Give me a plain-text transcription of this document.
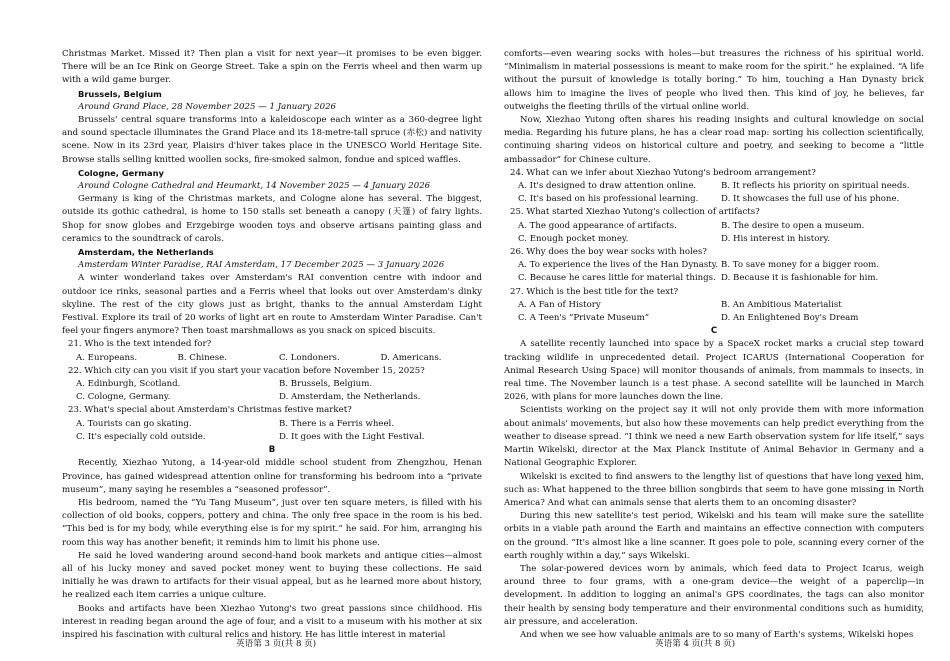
Christmas Market. Missed it? Then plan a visit for next year—it promises to be even bigger. There will be an Ice Rink on George Street. Take a spin on the Ferris wheel and then warm up with a wild game burger.

Brussels, Belgium

Around Grand Place, 28 November 2025 — 1 January 2026

Brussels' central square transforms into a kaleidoscope each winter as a 360-degree light and sound spectacle illuminates the Grand Place and its 18-metre-tall spruce (赤松) and nativity scene. Now in its 23rd year, Plaisirs d'hiver takes place in the UNESCO World Heritage Site. Browse stalls selling knitted woollen socks, fire-smoked salmon, fondue and spiced waffles.

Cologne, Germany

Around Cologne Cathedral and Heumarkt, 14 November 2025 — 4 January 2026

Germany is king of the Christmas markets, and Cologne alone has several. The biggest, outside its gothic cathedral, is home to 150 stalls set beneath a canopy (天篷) of fairy lights. Shop for snow globes and Erzgebirge wooden toys and observe artisans painting glass and ceramics to the soundtrack of carols.

Amsterdam, the Netherlands

Amsterdam Winter Paradise, RAI Amsterdam, 17 December 2025 — 3 January 2026

A winter wonderland takes over Amsterdam's RAI convention centre with indoor and outdoor ice rinks, seasonal parties and a Ferris wheel that looks out over Amsterdam's dinky skyline. The rest of the city glows just as bright, thanks to the annual Amsterdam Light Festival. Explore its trail of 20 works of light art en route to Amsterdam Winter Paradise. Can't feel your fingers anymore? Then toast marshmallows as you snack on spiced biscuits.

21. Who is the text intended for?

A. Europeans.	B. Chinese.	C. Londoners.	D. Americans.

22. Which city can you visit if you start your vacation before November 15, 2025?

A. Edinburgh, Scotland.	B. Brussels, Belgium.
C. Cologne, Germany.	D. Amsterdam, the Netherlands.

23. What's special about Amsterdam's Christmas festive market?

A. Tourists can go skating.	B. There is a Ferris wheel.
C. It's especially cold outside.	D. It goes with the Light Festival.

B

Recently, Xiezhao Yutong, a 14-year-old middle school student from Zhengzhou, Henan Province, has gained widespread attention online for transforming his bedroom into a “private museum”, many saying he resembles a “seasoned professor”.

His bedroom, named the “Yu Tang Museum”, just over ten square meters, is filled with his collection of old books, coppers, pottery and china. The only free space in the room is his bed. “This bed is for my body, while everything else is for my spirit.” he said. For him, arranging his room this way has another benefit; it reminds him to limit his phone use.

He said he loved wandering around second-hand book markets and antique cities—almost all of his lucky money and saved pocket money went to buying these collections. He said initially he was drawn to artifacts for their visual appeal, but as he learned more about history, he realized each item carries a unique culture.

Books and artifacts have been Xiezhao Yutong's two great passions since childhood. His interest in reading began around the age of four, and a visit to a museum with his mother at six inspired his fascination with cultural relics and history. He has little interest in material

comforts—even wearing socks with holes—but treasures the richness of his spiritual world. “Minimalism in material possessions is meant to make room for the spirit.” he explained. “A life without the pursuit of knowledge is totally boring.” To him, touching a Han Dynasty brick allows him to imagine the lives of people who lived then. This kind of joy, he believes, far outweighs the fleeting thrills of the virtual online world.

Now, Xiezhao Yutong often shares his reading insights and cultural knowledge on social media. Regarding his future plans, he has a clear road map: sorting his collection scientifically, continuing sharing videos on historical culture and poetry, and seeking to become a “little ambassador” for Chinese culture.

24. What can we infer about Xiezhao Yutong's bedroom arrangement?

A. It's designed to draw attention online.	B. It reflects his priority on spiritual needs.
C. It's based on his professional learning.	D. It showcases the full use of his phone.

25. What started Xiezhao Yutong's collection of artifacts?

A. The good appearance of artifacts.	B. The desire to open a museum.
C. Enough pocket money.	D. His interest in history.

26. Why does the boy wear socks with holes?

A. To experience the lives of the Han Dynasty. B. To save money for a bigger room.
C. Because he cares little for material things. D. Because it is fashionable for him.

27. Which is the best title for the text?

A. A Fan of History	B. An Ambitious Materialist
C. A Teen's “Private Museum”	D. An Enlightened Boy's Dream

C

A satellite recently launched into space by a SpaceX rocket marks a crucial step toward tracking wildlife in unprecedented detail. Project ICARUS (International Cooperation for Animal Research Using Space) will monitor thousands of animals, from mammals to insects, in real time. The November launch is a test phase. A second satellite will be launched in March 2026, with plans for more launches down the line.

Scientists working on the project say it will not only provide them with more information about animals' movements, but also how these movements can help predict everything from the weather to disease spread. “I think we need a new Earth observation system for life itself,” says Martin Wikelski, director at the Max Planck Institute of Animal Behavior in Germany and a National Geographic Explorer.

Wikelski is excited to find answers to the lengthy list of questions that have long vexed him, such as: What happened to the three billion songbirds that seem to have gone missing in North America? And what can animals sense that alerts them to an oncoming disaster?

During this new satellite's test period, Wikelski and his team will make sure the satellite orbits in a viable path around the Earth and maintains an effective connection with computers on the ground. “It's almost like a line scanner. It goes pole to pole, scanning every corner of the earth roughly within a day,” says Wikelski.

The solar-powered devices worn by animals, which feed data to Project Icarus, weigh around three to four grams, with a one-gram device—the weight of a paperclip—in development. In addition to logging an animal's GPS coordinates, the tags can also monitor their health by sensing body temperature and their environmental conditions such as humidity, air pressure, and acceleration.

And when we see how valuable animals are to so many of Earth's systems, Wikelski hopes

英语第 3 页(共 8 页)	英语第 4 页(共 8 页)
